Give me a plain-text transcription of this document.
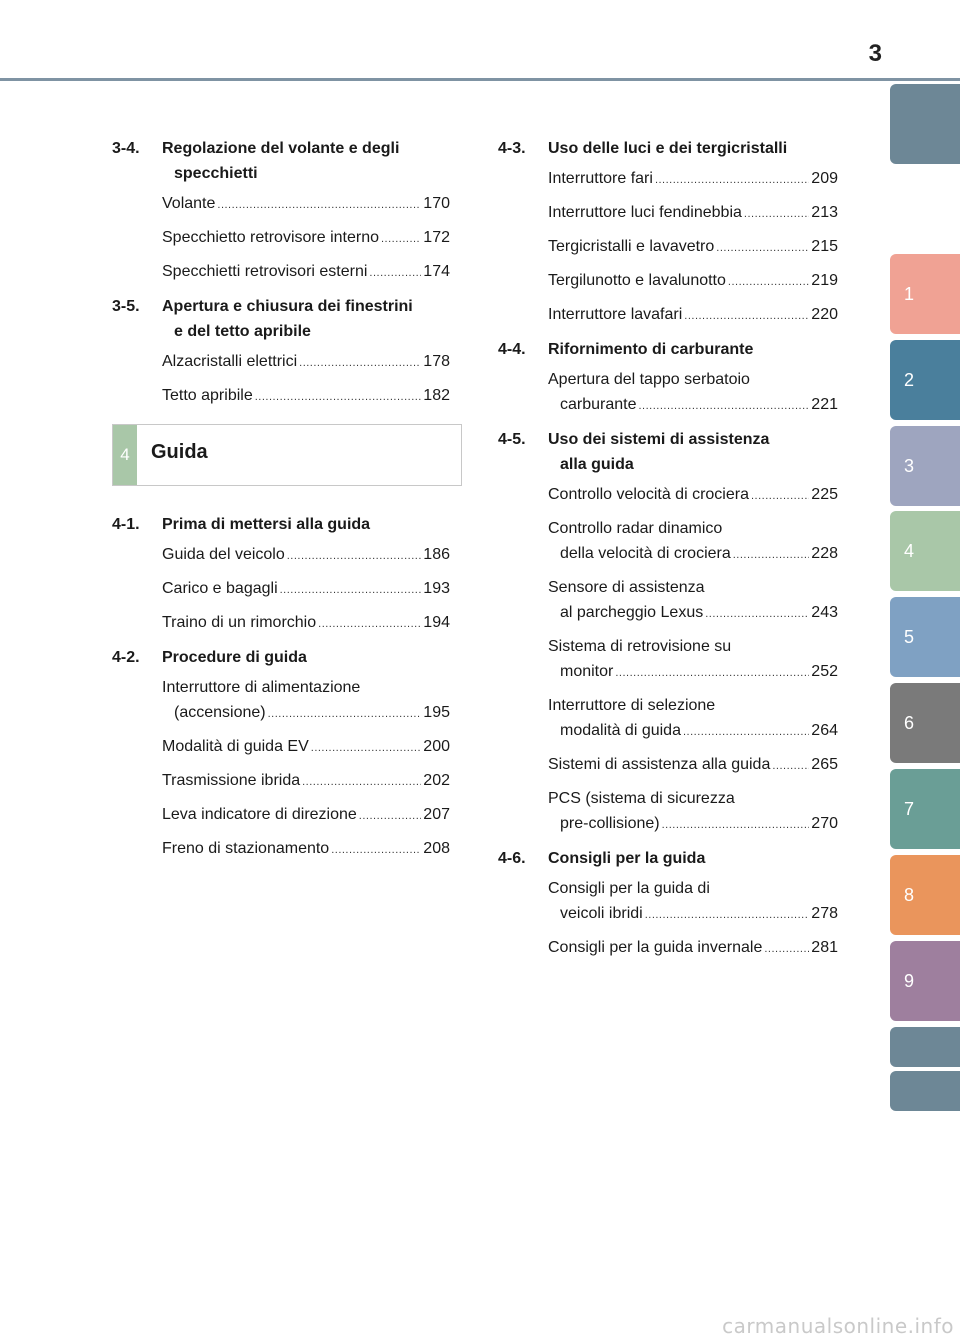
3
3-4. Regolazione del volante e degli
specchietti
Volante .....	170
Specchietto retrovisore interno .....	172
Specchietti retrovisori esterni .....	174
3-5. Apertura e chiusura dei finestrini
e del tetto apribile
Alzacristalli elettrici .....	178
Tetto apribile .....	182
4	Guida
4-1. Prima di mettersi alla guida
Guida del veicolo .....	186
Carico e bagagli .....	193
Traino di un rimorchio .....	194
4-2. Procedure di guida
Interruttore di alimentazione
(accensione) .....	195
Modalità di guida EV .....	200
Trasmissione ibrida .....	202
Leva indicatore di direzione .....	207
Freno di stazionamento .....	208
4-3. Uso delle luci e dei tergicristalli
Interruttore fari .....	209
Interruttore luci fendinebbia .....	213
Tergicristalli e lavavetro .....	215
Tergilunotto e lavalunotto .....	219
Interruttore lavafari .....	220
4-4. Rifornimento di carburante
Apertura del tappo serbatoio
carburante .....	221
4-5. Uso dei sistemi di assistenza
alla guida
Controllo velocità di crociera .....	225
Controllo radar dinamico
della velocità di crociera .....	228
Sensore di assistenza
al parcheggio Lexus .....	243
Sistema di retrovisione su
monitor .....	252
Interruttore di selezione
modalità di guida .....	264
Sistemi di assistenza alla guida .....	265
PCS (sistema di sicurezza
pre-collisione) .....	270
4-6. Consigli per la guida
Consigli per la guida di
veicoli ibridi .....	278
Consigli per la guida invernale .....	281
1
2
3
4
5
6
7
8
9
carmanualsonline.info
